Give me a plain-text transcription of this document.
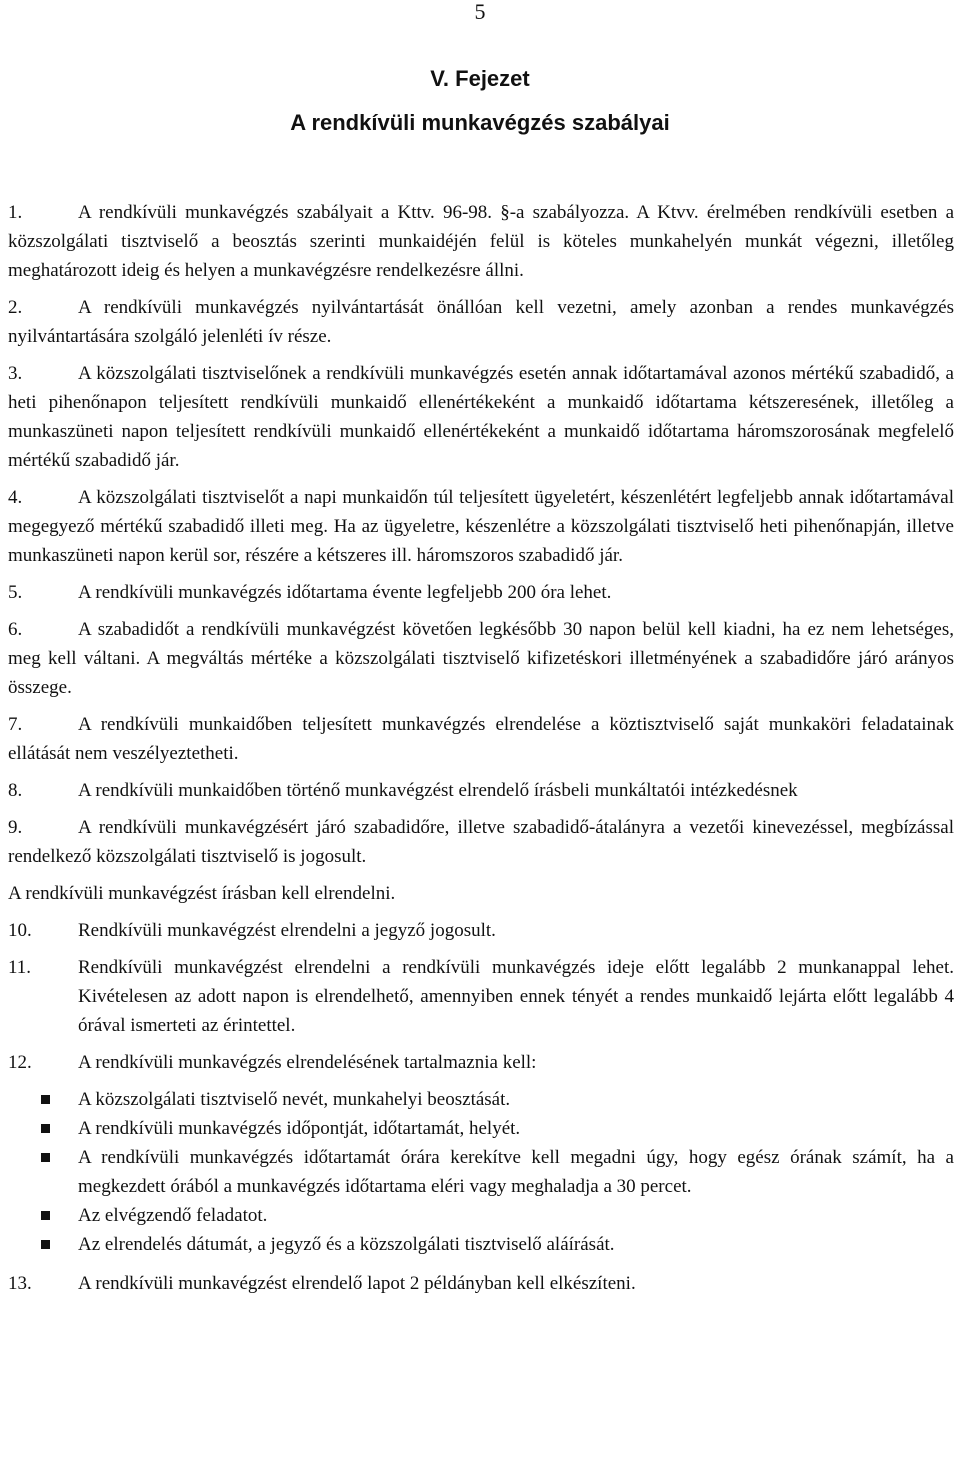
5
V. Fejezet
A rendkívüli munkavégzés szabályai

1.	A rendkívüli munkavégzés szabályait a Kttv. 96-98. §-a szabályozza. A Ktvv. érelmében rendkívüli esetben a közszolgálati tisztviselő a beosztás szerinti munkaidéjén felül is köteles munkahelyén munkát végezni, illetőleg meghatározott ideig és helyen a munkavégzésre rendelkezésre állni.

2.	A rendkívüli munkavégzés nyilvántartását önállóan kell vezetni, amely azonban a rendes munkavégzés nyilvántartására szolgáló jelenléti ív része.

3.	A közszolgálati tisztviselőnek a rendkívüli munkavégzés esetén annak időtartamával azonos mértékű szabadidő, a heti pihenőnapon teljesített rendkívüli munkaidő ellenértékeként a munkaidő időtartama kétszeresének, illetőleg a munkaszüneti napon teljesített rendkívüli munkaidő ellenértékeként a munkaidő időtartama háromszorosának megfelelő mértékű szabadidő jár.

4.	A közszolgálati tisztviselőt a napi munkaidőn túl teljesített ügyeletért, készenlétért legfeljebb annak időtartamával megegyező mértékű szabadidő illeti meg. Ha az ügyeletre, készenlétre a közszolgálati tisztviselő heti pihenőnapján, illetve munkaszüneti napon kerül sor, részére a kétszeres ill. háromszoros szabadidő jár.

5.	A rendkívüli munkavégzés időtartama évente legfeljebb 200 óra lehet.

6.	A szabadidőt a rendkívüli munkavégzést követően legkésőbb 30 napon belül kell kiadni, ha ez nem lehetséges, meg kell váltani. A megváltás mértéke a közszolgálati tisztviselő kifizetéskori illetményének a szabadidőre járó arányos összege.

7.	A rendkívüli munkaidőben teljesített munkavégzés elrendelése a köztisztviselő saját munkaköri feladatainak ellátását nem veszélyeztetheti.

8.	A rendkívüli munkaidőben történő munkavégzést elrendelő írásbeli munkáltatói intézkedésnek

9.	A rendkívüli munkavégzésért járó szabadidőre, illetve szabadidő-átalányra a vezetői kinevezéssel, megbízással rendelkező közszolgálati tisztviselő is jogosult.

A rendkívüli munkavégzést írásban kell elrendelni.

10.	Rendkívüli munkavégzést elrendelni a jegyző jogosult.
11.	Rendkívüli munkavégzést elrendelni a rendkívüli munkavégzés ideje előtt legalább 2 munkanappal lehet. Kivételesen az adott napon is elrendelhető, amennyiben ennek tényét a rendes munkaidő lejárta előtt legalább 4 órával ismerteti az érintettel.
12.	A rendkívüli munkavégzés elrendelésének tartalmaznia kell:
A közszolgálati tisztviselő nevét, munkahelyi beosztását.
A rendkívüli munkavégzés időpontját, időtartamát, helyét.
A rendkívüli munkavégzés időtartamát órára kerekítve kell megadni úgy, hogy egész órának számít, ha a megkezdett órából a munkavégzés időtartama eléri vagy meghaladja a 30 percet.
Az elvégzendő feladatot.
Az elrendelés dátumát, a jegyző és a közszolgálati tisztviselő aláírását.
13.	A rendkívüli munkavégzést elrendelő lapot 2 példányban kell elkészíteni.
